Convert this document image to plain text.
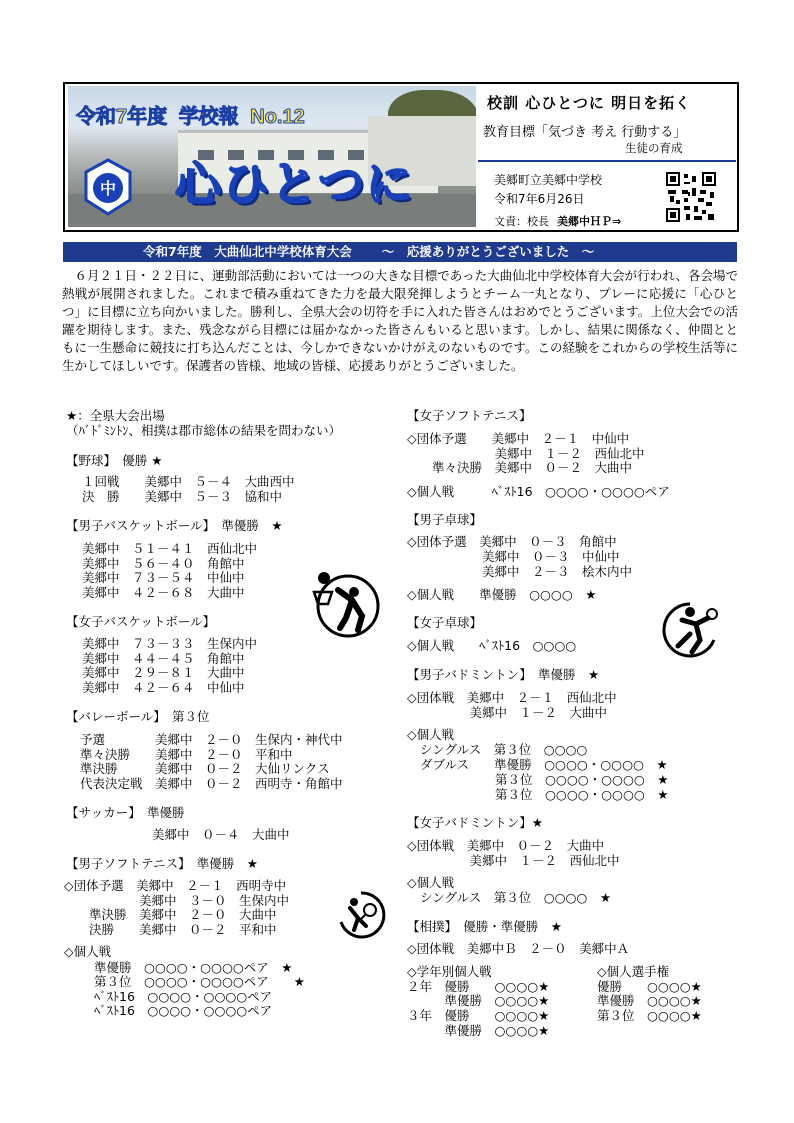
令和7年度 学校報 No.12
中 心ひとつに
校訓 心ひとつに 明日を拓く
教育目標「気づき 考え 行動する」
生徒の育成
美郷町立美郷中学校
令和7年6月26日
文責：校長 美郷中ＨＰ⇒
令和7年度　大曲仙北中学校体育大会 ～　応援ありがとうございました　～
　６月２１日・２２日に、運動部活動においては一つの大きな目標であった大曲仙北中学校体育大会が行われ、各会場で熱戦が展開されました。これまで積み重ねてきた力を最大限発揮しようとチーム一丸となり、プレーに応援に「心ひとつ」に目標に立ち向かいました。勝利し、全県大会の切符を手に入れた皆さんはおめでとうございます。上位大会での活躍を期待します。また、残念ながら目標には届かなかった皆さんもいると思います。しかし、結果に関係なく、仲間とともに一生懸命に競技に打ち込んだことは、今しかできないかけがえのないものです。この経験をこれからの学校生活等に生かしてほしいです。保護者の皆様、地域の皆様、応援ありがとうございました。
★：全県大会出場
（ﾊﾞﾄﾞﾐﾝﾄﾝ、相撲は郡市総体の結果を問わない）
【野球】　優勝 ★
１回戦　　美郷中　５－４　大曲西中
決　勝　　美郷中　５－３　協和中
【男子バスケットボール】　準優勝　★
美郷中　５１－４１　西仙北中
美郷中　５６－４０　角館中
美郷中　７３－５４　中仙中
美郷中　４２－６８　大曲中
【女子バスケットボール】
美郷中　７３－３３　生保内中
美郷中　４４－４５　角館中
美郷中　２９－８１　大曲中
美郷中　４２－６４　中仙中
【バレーボール】　第３位
予選　　　　美郷中　２－０　生保内・神代中
準々決勝　　美郷中　２－０　平和中
準決勝　　　美郷中　０－２　大仙リンクス
代表決定戦　美郷中　０－２　西明寺・角館中
【サッカー】　準優勝
美郷中　０－４　大曲中
【男子ソフトテニス】　準優勝　★
◇団体予選　美郷中　２－１　西明寺中
　　　　　　美郷中　３－０　生保内中
　　準決勝　美郷中　２－０　大曲中
　　決勝　　美郷中　０－２　平和中
◇個人戦
準優勝　○○○○・○○○○ペア　★
第３位　○○○○・○○○○ペア　　★
ﾍﾞｽﾄ16　○○○○・○○○○ペア
ﾍﾞｽﾄ16　○○○○・○○○○ペア
【女子ソフトテニス】
◇団体予選　　美郷中　２－１　中仙中
　　　　　　　美郷中　１－２　西仙北中
　　準々決勝　美郷中　０－２　大曲中
◇個人戦　　　ﾍﾞｽﾄ16　○○○○・○○○○ペア
【男子卓球】
◇団体予選　美郷中　０－３　角館中
　　　　　　美郷中　０－３　中仙中
　　　　　　美郷中　２－３　桧木内中
◇個人戦　　準優勝　○○○○　★
【女子卓球】
◇個人戦　　ﾍﾞｽﾄ16　○○○○
【男子バドミントン】　準優勝　★
◇団体戦　美郷中　２－１　西仙北中
　　　　　美郷中　１－２　大曲中
◇個人戦
シングルス　第３位　○○○○
ダブルス　　準優勝　○○○○・○○○○　★
　　　　　　第３位　○○○○・○○○○　★
　　　　　　第３位　○○○○・○○○○　★
【女子バドミントン】★
◇団体戦　美郷中　０－２　大曲中
　　　　　美郷中　１－２　西仙北中
◇個人戦
シングルス　第３位　○○○○　★
【相撲】　優勝・準優勝　★
◇団体戦　美郷中Ｂ　２－０　美郷中Ａ
◇学年別個人戦
２年　優勝　　○○○○★
　　　準優勝　○○○○★
３年　優勝　　○○○○★
　　　準優勝　○○○○★
◇個人選手権
優勝　　○○○○★
準優勝　○○○○★
第３位　○○○○★
